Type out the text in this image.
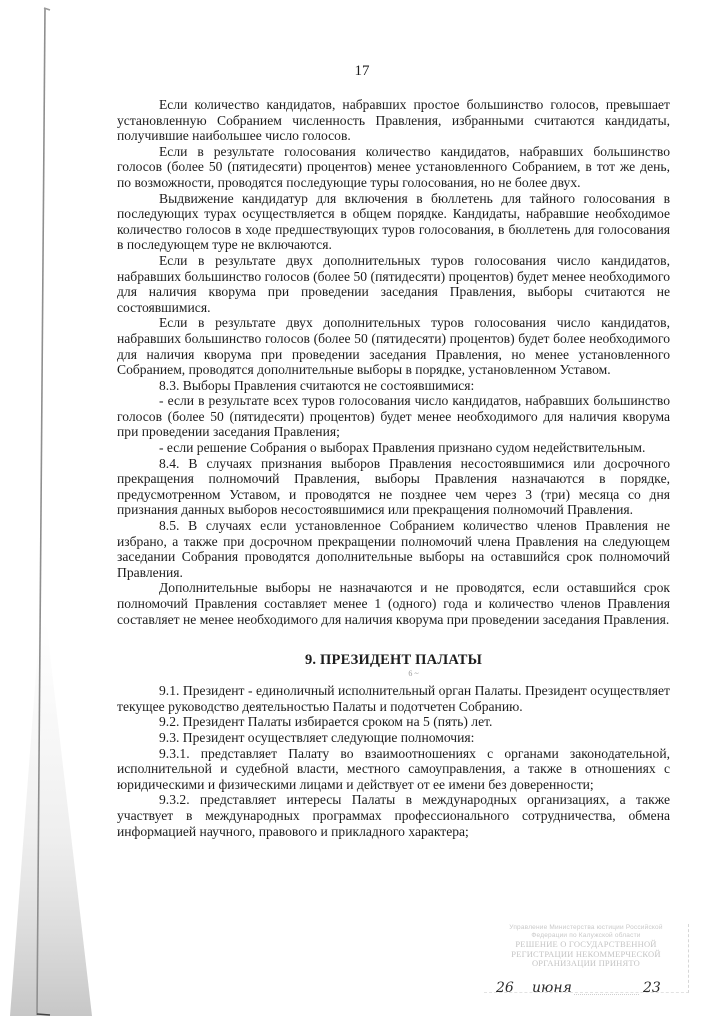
17

Если количество кандидатов, набравших простое большинство голосов, превышает установленную Собранием численность Правления, избранными считаются кандидаты, получившие наибольшее число голосов.

Если в результате голосования количество кандидатов, набравших большинство голосов (более 50 (пятидесяти) процентов) менее установленного Собранием, в тот же день, по возможности, проводятся последующие туры голосования, но не более двух.

Выдвижение кандидатур для включения в бюллетень для тайного голосования в последующих турах осуществляется в общем порядке. Кандидаты, набравшие необходимое количество голосов в ходе предшествующих туров голосования, в бюллетень для голосования в последующем туре не включаются.

Если в результате двух дополнительных туров голосования число кандидатов, набравших большинство голосов (более 50 (пятидесяти) процентов) будет менее необходимого для наличия кворума при проведении заседания Правления, выборы считаются не состоявшимися.

Если в результате двух дополнительных туров голосования число кандидатов, набравших большинство голосов (более 50 (пятидесяти) процентов) будет более необходимого для наличия кворума при проведении заседания Правления, но менее установленного Собранием, проводятся дополнительные выборы в порядке, установленном Уставом.

8.3. Выборы Правления считаются не состоявшимися:

- если в результате всех туров голосования число кандидатов, набравших большинство голосов (более 50 (пятидесяти) процентов) будет менее необходимого для наличия кворума при проведении заседания Правления;

- если решение Собрания о выборах Правления признано судом недействительным.

8.4. В случаях признания выборов Правления несостоявшимися или досрочного прекращения полномочий Правления, выборы Правления назначаются в порядке, предусмотренном Уставом, и проводятся не позднее чем через 3 (три) месяца со дня признания данных выборов несостоявшимися или прекращения полномочий Правления.

8.5. В случаях если установленное Собранием количество членов Правления не избрано, а также при досрочном прекращении полномочий члена Правления на следующем заседании Собрания проводятся дополнительные выборы на оставшийся срок полномочий Правления.

Дополнительные выборы не назначаются и не проводятся, если оставшийся срок полномочий Правления составляет менее 1 (одного) года и количество членов Правления составляет не менее необходимого для наличия кворума при проведении заседания Правления.

9. ПРЕЗИДЕНТ ПАЛАТЫ
6 ~

9.1. Президент - единоличный исполнительный орган Палаты. Президент осуществляет текущее руководство деятельностью Палаты и подотчетен Собранию.

9.2. Президент Палаты избирается сроком на 5 (пять) лет.

9.3. Президент осуществляет следующие полномочия:

9.3.1. представляет Палату во взаимоотношениях с органами законодательной, исполнительной и судебной власти, местного самоуправления, а также в отношениях с юридическими и физическими лицами и действует от ее имени без доверенности;

9.3.2. представляет интересы Палаты в международных организациях, а также участвует в международных программах профессионального сотрудничества, обмена информацией научного, правового и прикладного характера;

Управление Министерства юстиции Российской
Федерации по Калужской области
РЕШЕНИЕ О ГОСУДАРСТВЕННОЙ
РЕГИСТРАЦИИ НЕКОММЕРЧЕСКОЙ
ОРГАНИЗАЦИИ ПРИНЯТО
26 июня	23
